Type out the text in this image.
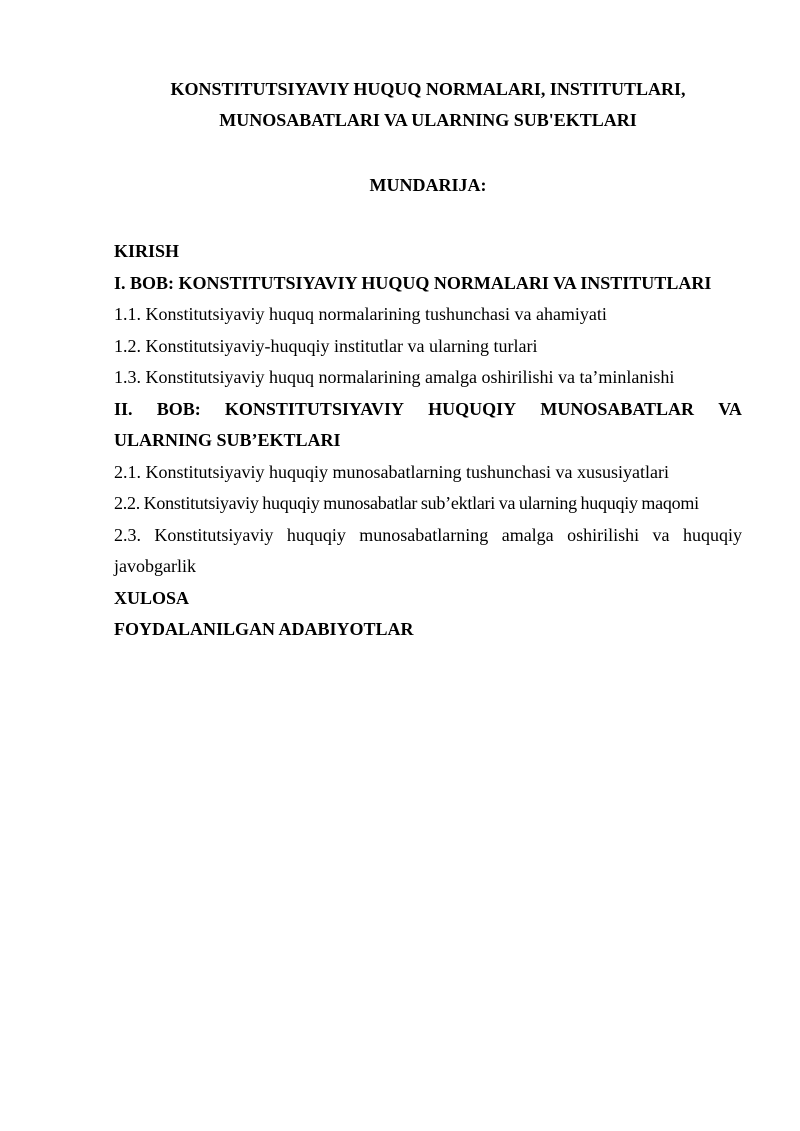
KONSTITUTSIYAVIY HUQUQ NORMALARI, INSTITUTLARI,
MUNOSABATLARI VA ULARNING SUB'EKTLARI
MUNDARIJA:
KIRISH
I. BOB: KONSTITUTSIYAVIY HUQUQ NORMALARI VA INSTITUTLARI
1.1. Konstitutsiyaviy huquq normalarining tushunchasi va ahamiyati
1.2. Konstitutsiyaviy-huquqiy institutlar va ularning turlari
1.3. Konstitutsiyaviy huquq normalarining amalga oshirilishi va ta’minlanishi
II. BOB: KONSTITUTSIYAVIY HUQUQIY MUNOSABATLAR VA
ULARNING SUB’EKTLARI
2.1. Konstitutsiyaviy huquqiy munosabatlarning tushunchasi va xususiyatlari
2.2. Konstitutsiyaviy huquqiy munosabatlar sub’ektlari va ularning huquqiy maqomi
2.3. Konstitutsiyaviy huquqiy munosabatlarning amalga oshirilishi va huquqiy
javobgarlik
XULOSA
FOYDALANILGAN ADABIYOTLAR
